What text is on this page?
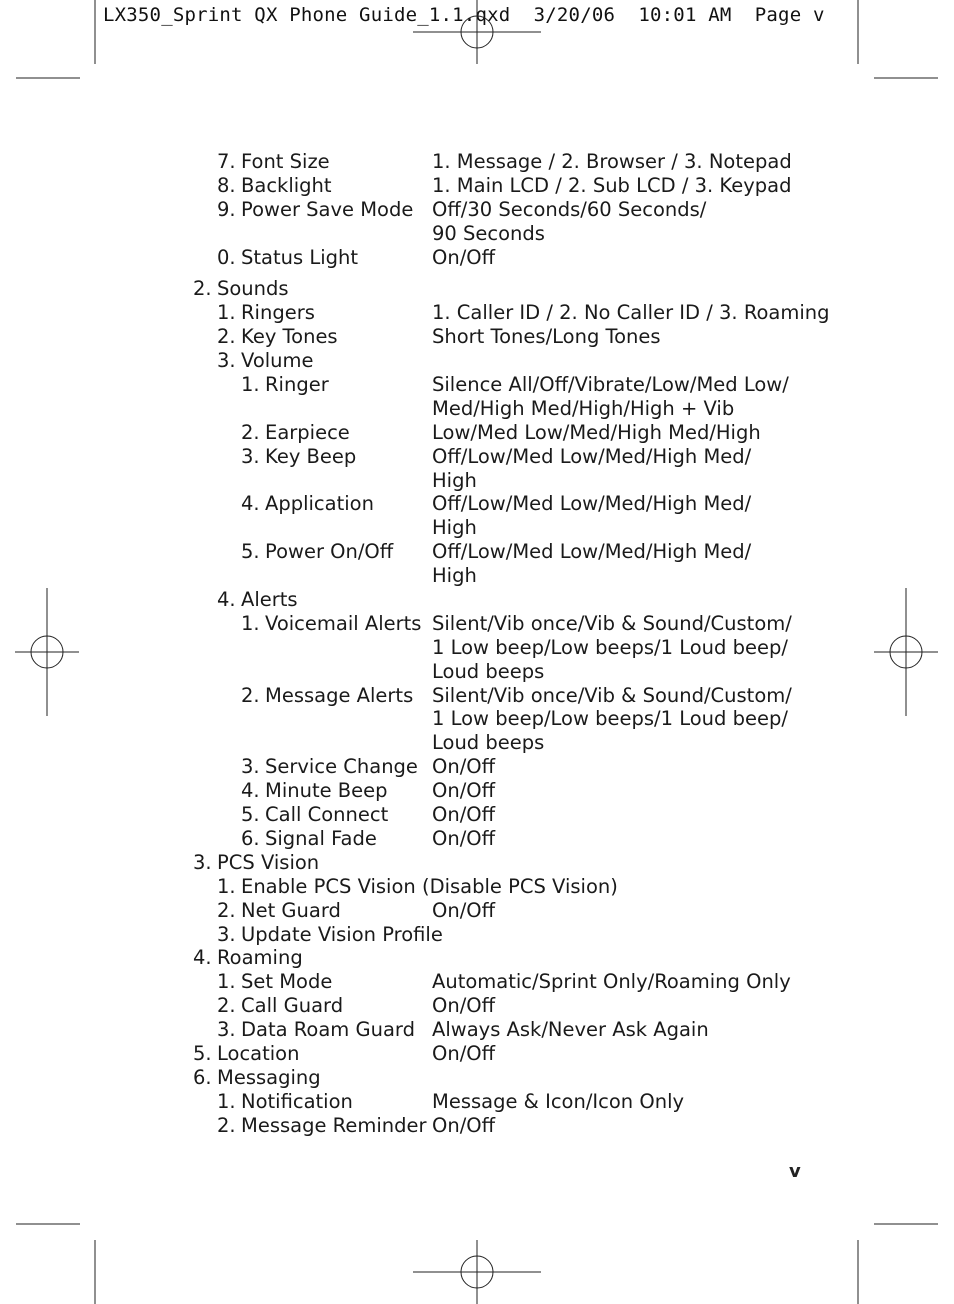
LX350_Sprint QX Phone Guide_1.1.qxd  3/20/06  10:01 AM  Page v
7. Font Size	1. Message / 2. Browser / 3. Notepad
8. Backlight	1. Main LCD / 2. Sub LCD / 3. Keypad
9. Power Save Mode Off/30 Seconds/60 Seconds/
90 Seconds
0. Status Light	On/Off
2. Sounds
1. Ringers	1. Caller ID / 2. No Caller ID / 3. Roaming
2. Key Tones	Short Tones/Long Tones
3. Volume
1. Ringer	Silence All/Off/Vibrate/Low/Med Low/
Med/High Med/High/High + Vib
2. Earpiece	Low/Med Low/Med/High Med/High
3. Key Beep	Off/Low/Med Low/Med/High Med/
High
4. Application	Off/Low/Med Low/Med/High Med/
High
5. Power On/Off Off/Low/Med Low/Med/High Med/
High
4. Alerts
1. Voicemail Alerts Silent/Vib once/Vib & Sound/Custom/
1 Low beep/Low beeps/1 Loud beep/
Loud beeps
2. Message Alerts Silent/Vib once/Vib & Sound/Custom/
1 Low beep/Low beeps/1 Loud beep/
Loud beeps
3. Service Change On/Off
4. Minute Beep On/Off
5. Call Connect On/Off
6. Signal Fade	On/Off
3. PCS Vision
1. Enable PCS Vision (Disable PCS Vision)
2. Net Guard	On/Off
3. Update Vision Profile
4. Roaming
1. Set Mode	Automatic/Sprint Only/Roaming Only
2. Call Guard	On/Off
3. Data Roam Guard Always Ask/Never Ask Again
5. Location	On/Off
6. Messaging
1. Notification	Message & Icon/Icon Only
2. Message Reminder On/Off
v
